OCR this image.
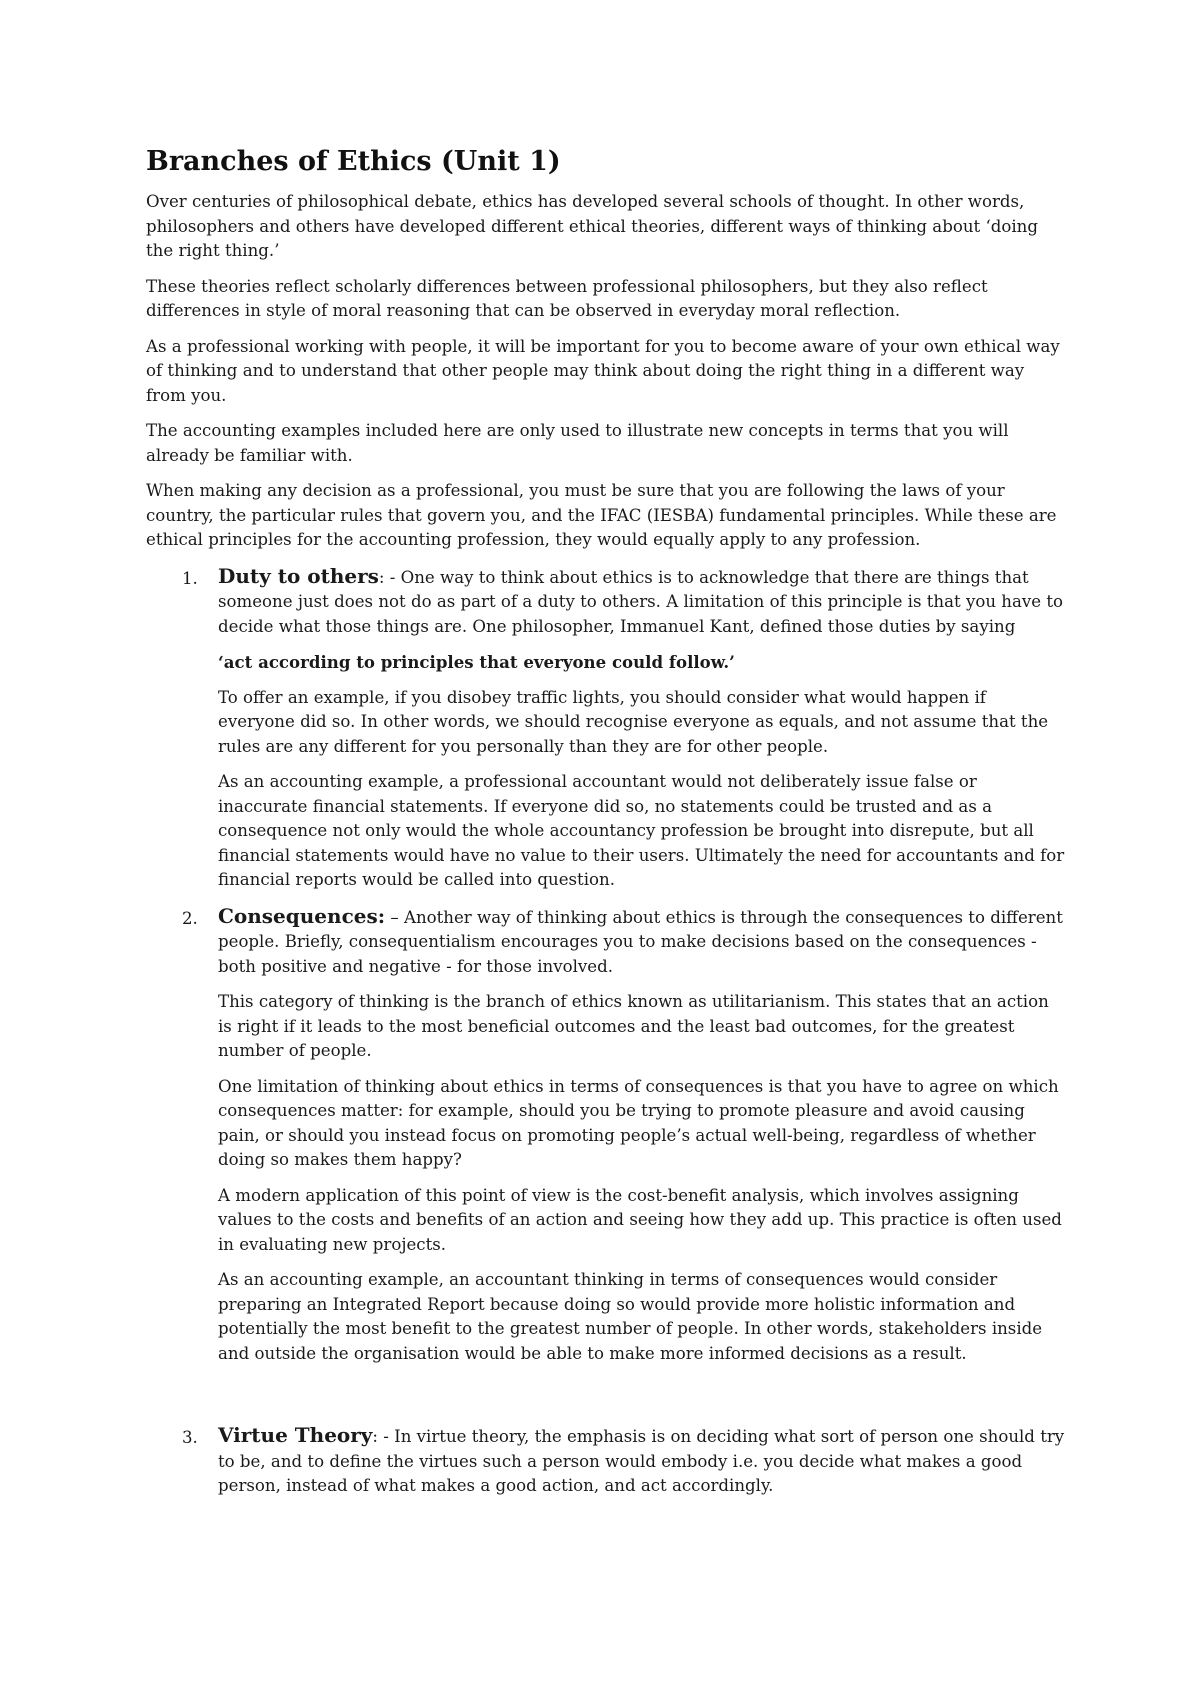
Branches of Ethics (Unit 1)

Over centuries of philosophical debate, ethics has developed several schools of thought. In other words, philosophers and others have developed different ethical theories, different ways of thinking about ‘doing the right thing.’

These theories reflect scholarly differences between professional philosophers, but they also reflect differences in style of moral reasoning that can be observed in everyday moral reflection.

As a professional working with people, it will be important for you to become aware of your own ethical way of thinking and to understand that other people may think about doing the right thing in a different way from you.

The accounting examples included here are only used to illustrate new concepts in terms that you will already be familiar with.

When making any decision as a professional, you must be sure that you are following the laws of your country, the particular rules that govern you, and the IFAC (IESBA) fundamental principles. While these are ethical principles for the accounting profession, they would equally apply to any profession.

1. Duty to others: - One way to think about ethics is to acknowledge that there are things that someone just does not do as part of a duty to others. A limitation of this principle is that you have to decide what those things are. One philosopher, Immanuel Kant, defined those duties by saying

‘act according to principles that everyone could follow.’

To offer an example, if you disobey traffic lights, you should consider what would happen if everyone did so. In other words, we should recognise everyone as equals, and not assume that the rules are any different for you personally than they are for other people.

As an accounting example, a professional accountant would not deliberately issue false or inaccurate financial statements. If everyone did so, no statements could be trusted and as a consequence not only would the whole accountancy profession be brought into disrepute, but all financial statements would have no value to their users. Ultimately the need for accountants and for financial reports would be called into question.

2. Consequences: – Another way of thinking about ethics is through the consequences to different people. Briefly, consequentialism encourages you to make decisions based on the consequences - both positive and negative - for those involved.

This category of thinking is the branch of ethics known as utilitarianism. This states that an action is right if it leads to the most beneficial outcomes and the least bad outcomes, for the greatest number of people.

One limitation of thinking about ethics in terms of consequences is that you have to agree on which consequences matter: for example, should you be trying to promote pleasure and avoid causing pain, or should you instead focus on promoting people’s actual well-being, regardless of whether doing so makes them happy?

A modern application of this point of view is the cost-benefit analysis, which involves assigning values to the costs and benefits of an action and seeing how they add up. This practice is often used in evaluating new projects.

As an accounting example, an accountant thinking in terms of consequences would consider preparing an Integrated Report because doing so would provide more holistic information and potentially the most benefit to the greatest number of people. In other words, stakeholders inside and outside the organisation would be able to make more informed decisions as a result.

3. Virtue Theory: - In virtue theory, the emphasis is on deciding what sort of person one should try to be, and to define the virtues such a person would embody i.e. you decide what makes a good person, instead of what makes a good action, and act accordingly.
